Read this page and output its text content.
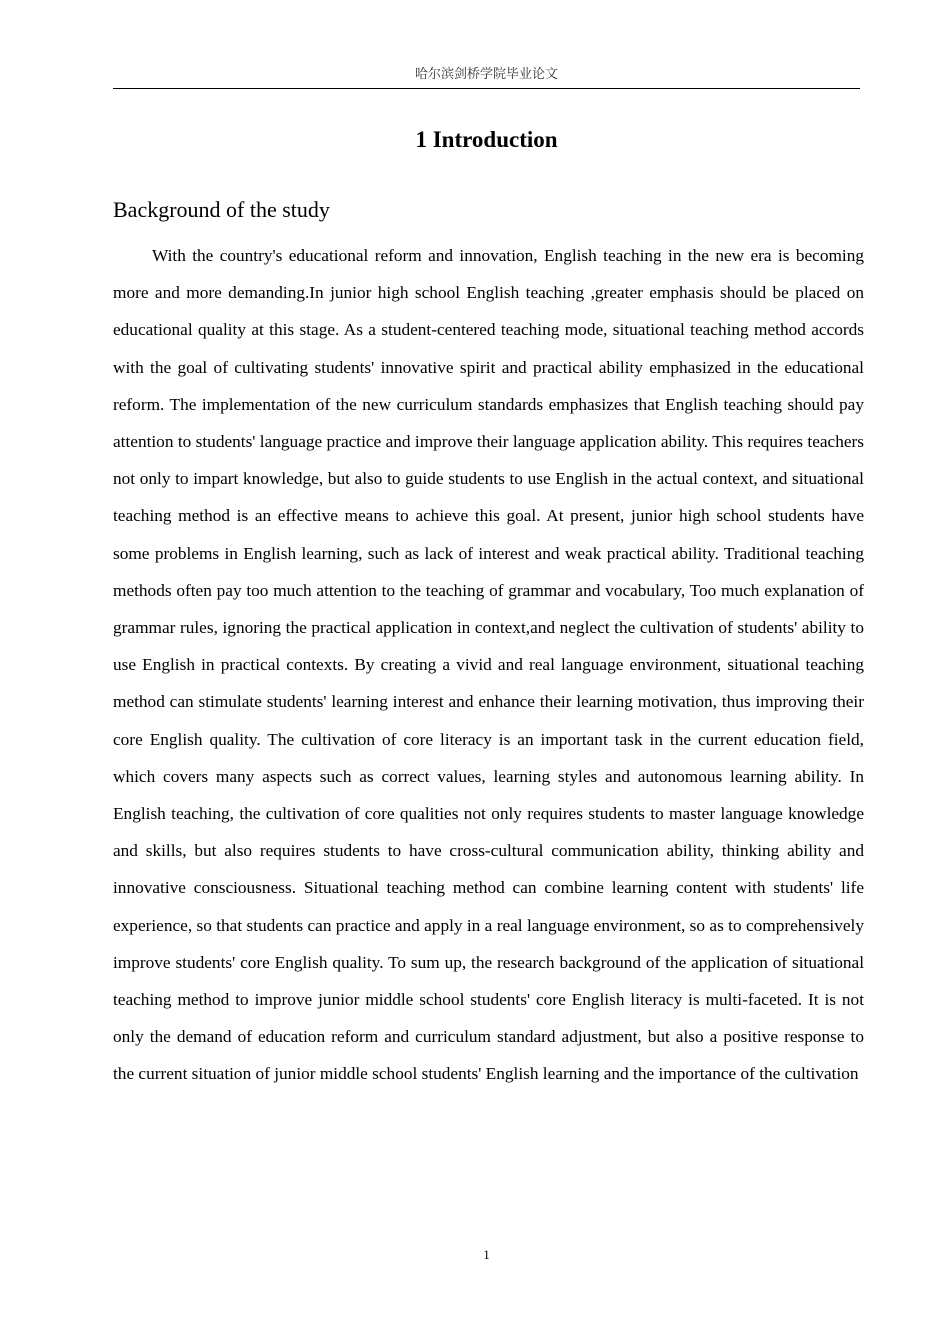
哈尔滨剑桥学院毕业论文
1 Introduction
Background of the study

With the country's educational reform and innovation, English teaching in the new era is becoming more and more demanding.In junior high school English teaching ,greater emphasis should be placed on educational quality at this stage. As a student-centered teaching mode, situational teaching method accords with the goal of cultivating students' innovative spirit and practical ability emphasized in the educational reform. The implementation of the new curriculum standards emphasizes that English teaching should pay attention to students' language practice and improve their language application ability. This requires teachers not only to impart knowledge, but also to guide students to use English in the actual context, and situational teaching method is an effective means to achieve this goal. At present, junior high school students have some problems in English learning, such as lack of interest and weak practical ability. Traditional teaching methods often pay too much attention to the teaching of grammar and vocabulary, Too much explanation of grammar rules, ignoring the practical application in context,and neglect the cultivation of students' ability to use English in practical contexts. By creating a vivid and real language environment, situational teaching method can stimulate students' learning interest and enhance their learning motivation, thus improving their core English quality. The cultivation of core literacy is an important task in the current education field, which covers many aspects such as correct values, learning styles and autonomous learning ability. In English teaching, the cultivation of core qualities not only requires students to master language knowledge and skills, but also requires students to have cross-cultural communication ability, thinking ability and innovative consciousness. Situational teaching method can combine learning content with students' life experience, so that students can practice and apply in a real language environment, so as to comprehensively improve students' core English quality. To sum up, the research background of the application of situational teaching method to improve junior middle school students' core English literacy is multi-faceted. It is not only the demand of education reform and curriculum standard adjustment, but also a positive response to the current situation of junior middle school students' English learning and the importance of the cultivation

1
